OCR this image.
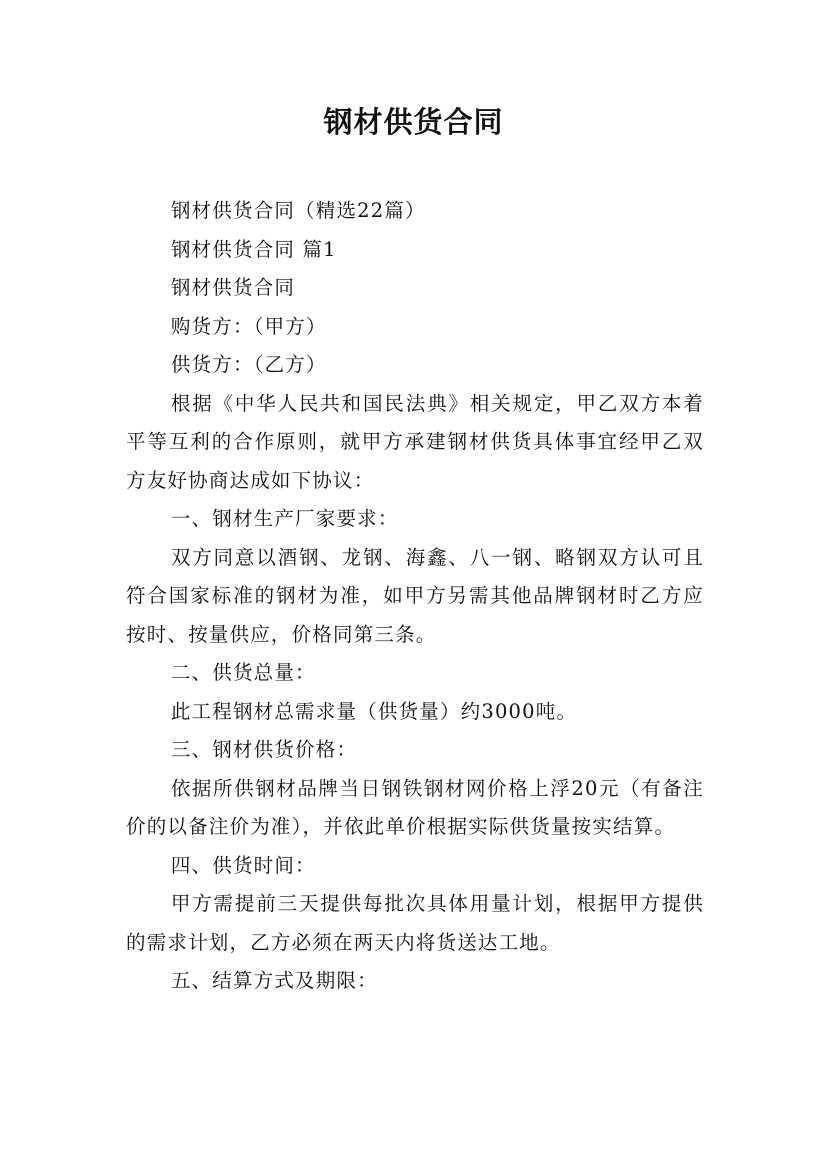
钢材供货合同

钢材供货合同（精选22篇）

钢材供货合同 篇1

钢材供货合同

购货方：（甲方）

供货方：（乙方）

根据《中华人民共和国民法典》相关规定，甲乙双方本着平等互利的合作原则，就甲方承建钢材供货具体事宜经甲乙双方友好协商达成如下协议：

一、钢材生产厂家要求：

双方同意以酒钢、龙钢、海鑫、八一钢、略钢双方认可且符合国家标准的钢材为准，如甲方另需其他品牌钢材时乙方应按时、按量供应，价格同第三条。

二、供货总量：

此工程钢材总需求量（供货量）约3000吨。

三、钢材供货价格：

依据所供钢材品牌当日钢铁钢材网价格上浮20元（有备注价的以备注价为准），并依此单价根据实际供货量按实结算。

四、供货时间：

甲方需提前三天提供每批次具体用量计划，根据甲方提供的需求计划，乙方必须在两天内将货送达工地。

五、结算方式及期限：
